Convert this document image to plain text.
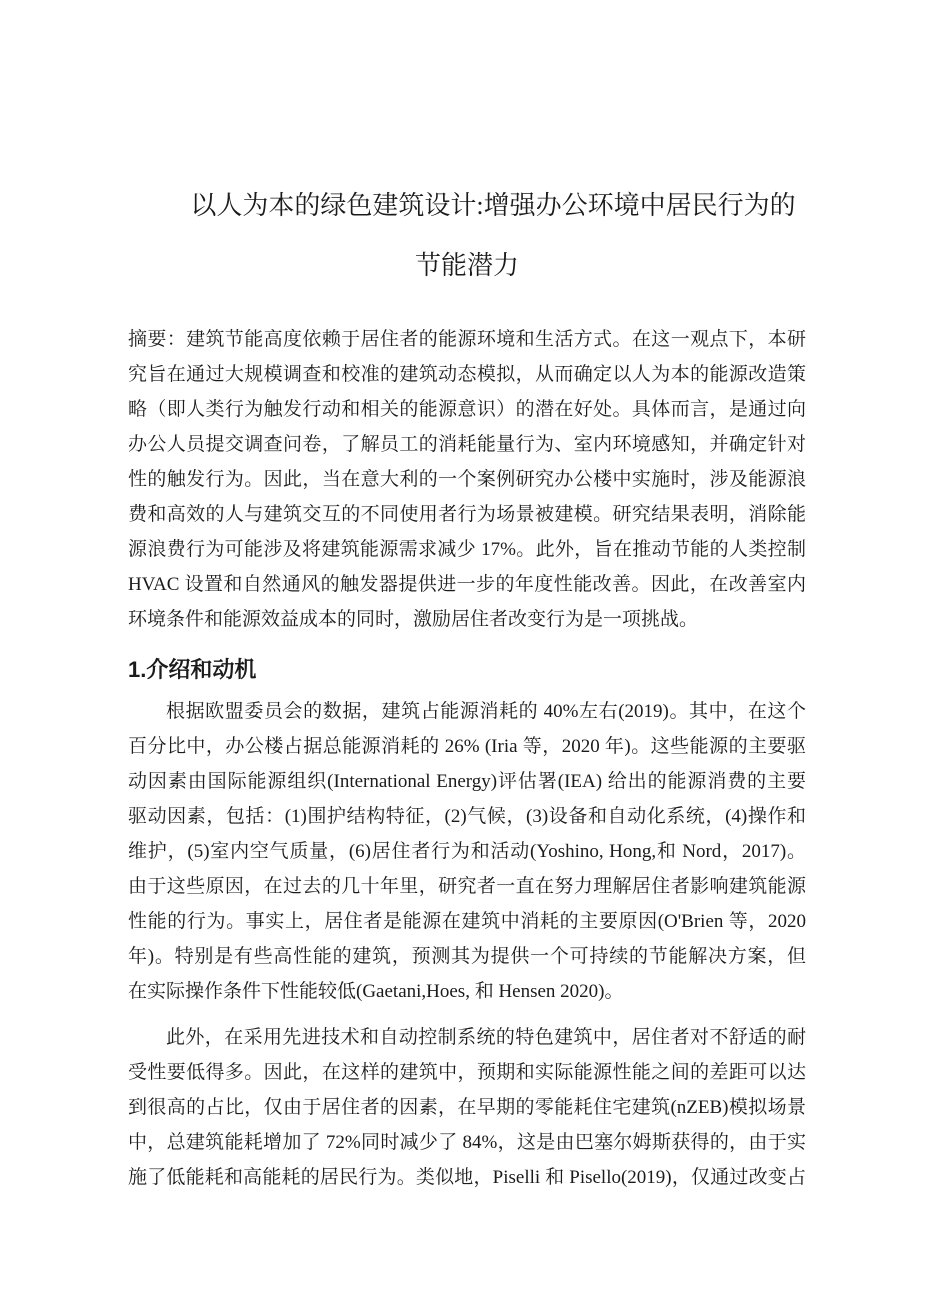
以人为本的绿色建筑设计:增强办公环境中居民行为的
节能潜力
摘要：建筑节能高度依赖于居住者的能源环境和生活方式。在这一观点下，本研
究旨在通过大规模调查和校准的建筑动态模拟，从而确定以人为本的能源改造策
略（即人类行为触发行动和相关的能源意识）的潜在好处。具体而言，是通过向
办公人员提交调查问卷，了解员工的消耗能量行为、室内环境感知，并确定针对
性的触发行为。因此，当在意大利的一个案例研究办公楼中实施时，涉及能源浪
费和高效的人与建筑交互的不同使用者行为场景被建模。研究结果表明，消除能
源浪费行为可能涉及将建筑能源需求减少 17%。此外，旨在推动节能的人类控制
HVAC 设置和自然通风的触发器提供进一步的年度性能改善。因此，在改善室内
环境条件和能源效益成本的同时，激励居住者改变行为是一项挑战。
1.介绍和动机
根据欧盟委员会的数据，建筑占能源消耗的 40%左右(2019)。其中，在这个
百分比中，办公楼占据总能源消耗的 26% (Iria 等，2020 年)。这些能源的主要驱
动因素由国际能源组织(International Energy)评估署(IEA) 给出的能源消费的主要
驱动因素，包括：(1)围护结构特征，(2)气候，(3)设备和自动化系统，(4)操作和
维护，(5)室内空气质量，(6)居住者行为和活动(Yoshino, Hong,和 Nord，2017)。
由于这些原因，在过去的几十年里，研究者一直在努力理解居住者影响建筑能源
性能的行为。事实上，居住者是能源在建筑中消耗的主要原因(O'Brien 等，2020
年)。特别是有些高性能的建筑，预测其为提供一个可持续的节能解决方案，但
在实际操作条件下性能较低(Gaetani,Hoes, 和 Hensen 2020)。
此外，在采用先进技术和自动控制系统的特色建筑中，居住者对不舒适的耐
受性要低得多。因此，在这样的建筑中，预期和实际能源性能之间的差距可以达
到很高的占比，仅由于居住者的因素，在早期的零能耗住宅建筑(nZEB)模拟场景
中，总建筑能耗增加了 72%同时减少了 84%，这是由巴塞尔姆斯获得的，由于实
施了低能耗和高能耗的居民行为。类似地，Piselli 和 Pisello(2019)，仅通过改变占
